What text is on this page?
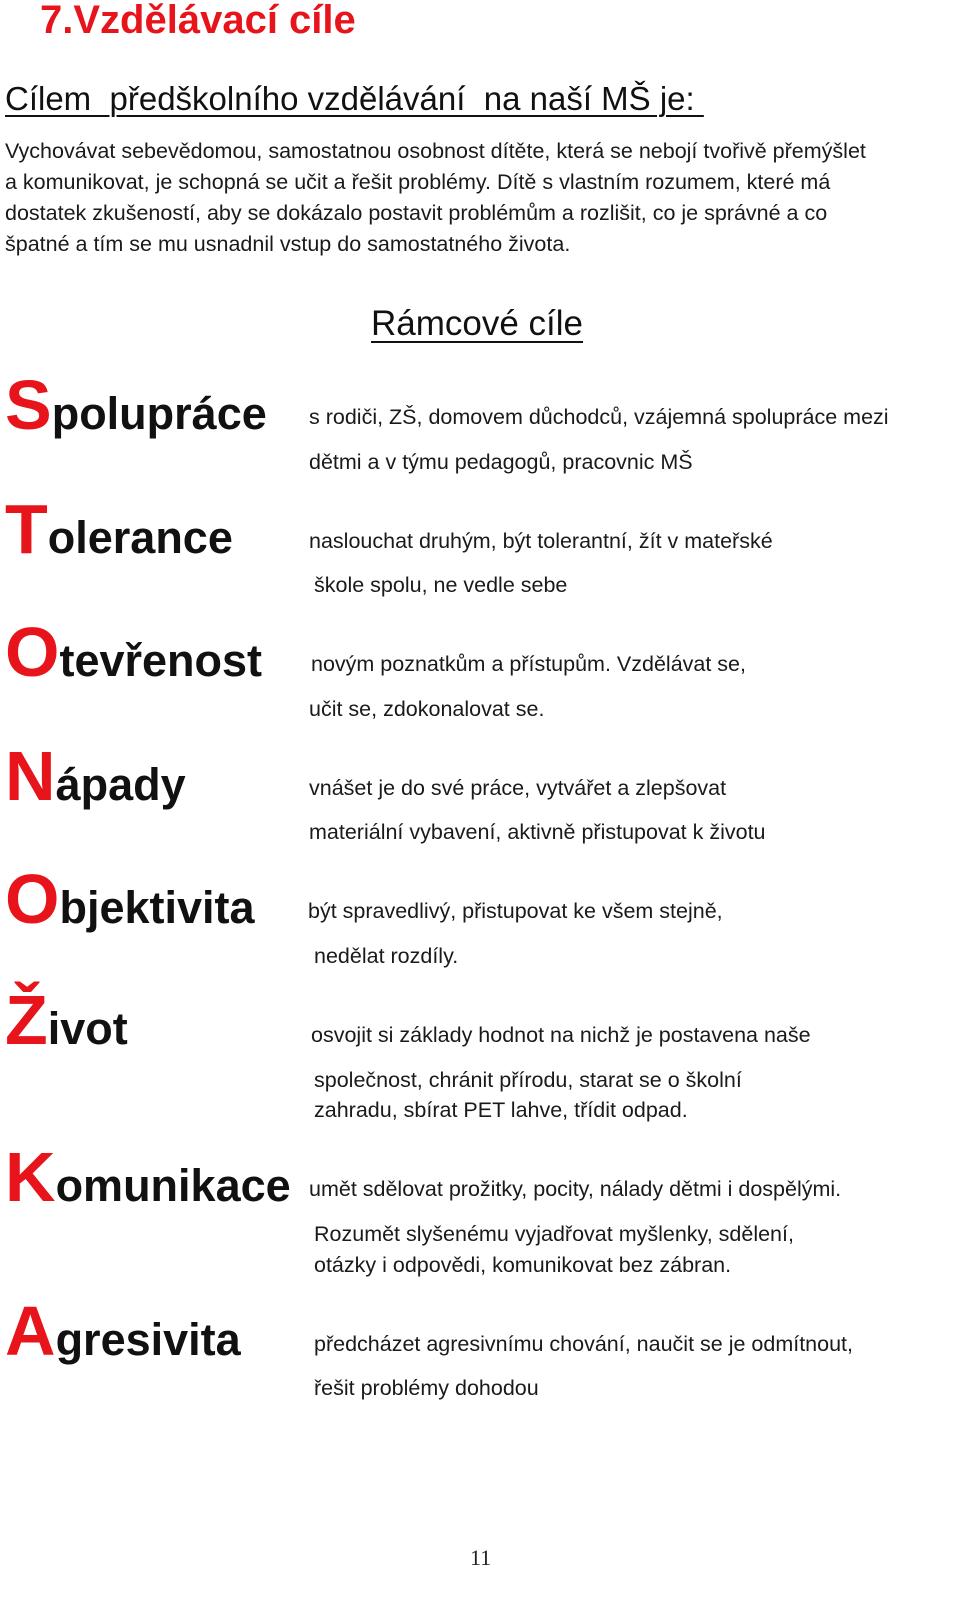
7.Vzdělávací cíle
Cílem  předškolního vzdělávání  na naší MŠ je:
Vychovávat sebevědomou, samostatnou osobnost dítěte, která se nebojí tvořivě přemýšlet
a komunikovat, je schopná se učit a řešit problémy. Dítě s vlastním rozumem, které má
dostatek zkušeností, aby se dokázalo postavit problémům a rozlišit, co je správné a co
špatné a tím se mu usnadnil vstup do samostatného života.
Rámcové cíle
Spolupráce
Tolerance
Otevřenost
Nápady
Objektivita
Život
Komunikace
Agresivita
s rodiči, ZŠ, domovem důchodců, vzájemná spolupráce mezi
dětmi a v týmu pedagogů, pracovnic MŠ
naslouchat druhým, být tolerantní, žít v mateřské
škole spolu, ne vedle sebe
novým poznatkům a přístupům. Vzdělávat se,
učit se, zdokonalovat se.
vnášet je do své práce, vytvářet a zlepšovat
materiální vybavení, aktivně přistupovat k životu
být spravedlivý, přistupovat ke všem stejně,
nedělat rozdíly.
osvojit si základy hodnot na nichž je postavena naše
společnost, chránit přírodu, starat se o školní
zahradu, sbírat PET lahve, třídit odpad.
umět sdělovat prožitky, pocity, nálady dětmi i dospělými.
Rozumět slyšenému vyjadřovat myšlenky, sdělení,
otázky i odpovědi, komunikovat bez zábran.
předcházet agresivnímu chování, naučit se je odmítnout,
řešit problémy dohodou
11
